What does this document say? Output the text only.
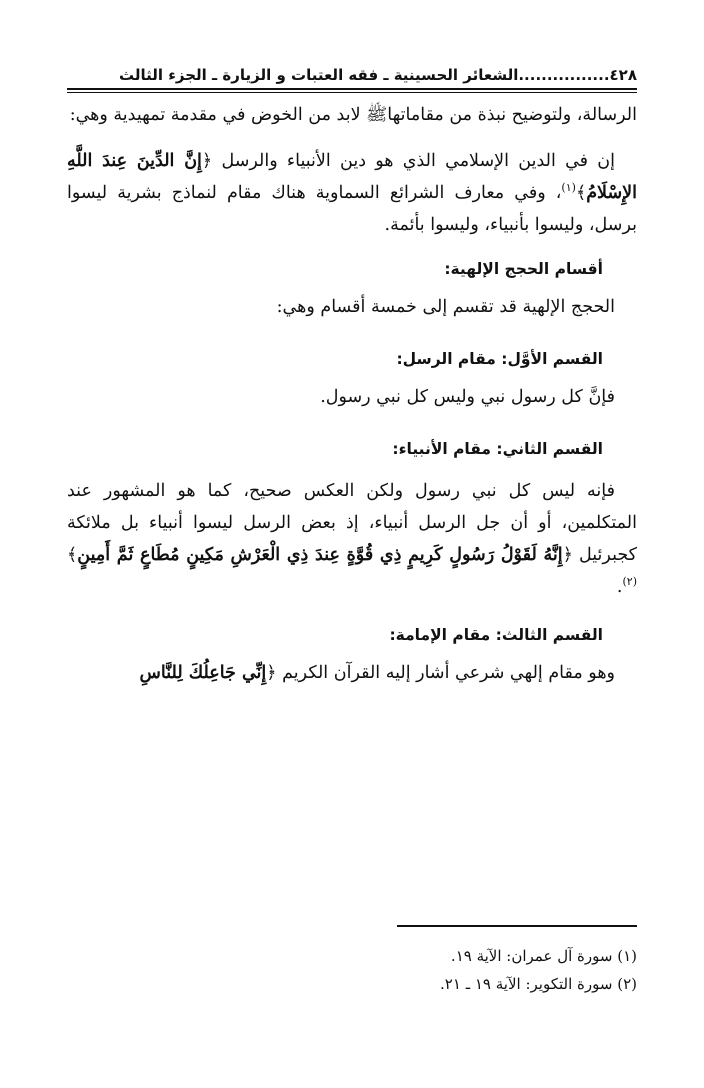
٤٢٨................الشعائر الحسينية ـ فقه العتبات و الزيارة ـ الجزء الثالث

الرسالة، ولتوضيح نبذة من مقاماتهاﷺ لابد من الخوض في مقدمة تمهيدية وهي:

إن في الدين الإسلامي الذي هو دين الأنبياء والرسل ﴿إِنَّ الدِّينَ عِندَ اللَّهِ الإِسْلَامُ﴾$^{(١)}$، وفي معارف الشرائع السماوية هناك مقام لنماذج بشرية ليسوا برسل، وليسوا بأنبياء، وليسوا بأئمة.

أقسام الحجج الإلهية:

الحجج الإلهية قد تقسم إلى خمسة أقسام وهي:

القسم الأوَّل: مقام الرسل:

فإنَّ كل رسول نبي وليس كل نبي رسول.

القسم الثاني: مقام الأنبياء:

فإنه ليس كل نبي رسول ولكن العكس صحيح، كما هو المشهور عند المتكلمين، أو أن جل الرسل أنبياء، إذ بعض الرسل ليسوا أنبياء بل ملائكة كجبرئيل ﴿إِنَّهُ لَقَوْلُ رَسُولٍ كَرِيمٍ ذِي قُوَّةٍ عِندَ ذِي الْعَرْشِ مَكِينٍ مُطَاعٍ ثَمَّ أَمِينٍ﴾$^{(٢)}$.

القسم الثالث: مقام الإمامة:

وهو مقام إلهي شرعي أشار إليه القرآن الكريم ﴿إِنِّي جَاعِلُكَ لِلنَّاسِ

(١) سورة آل عمران: الآية ١٩.
(٢) سورة التكوير: الآية ١٩ ـ ٢١.
